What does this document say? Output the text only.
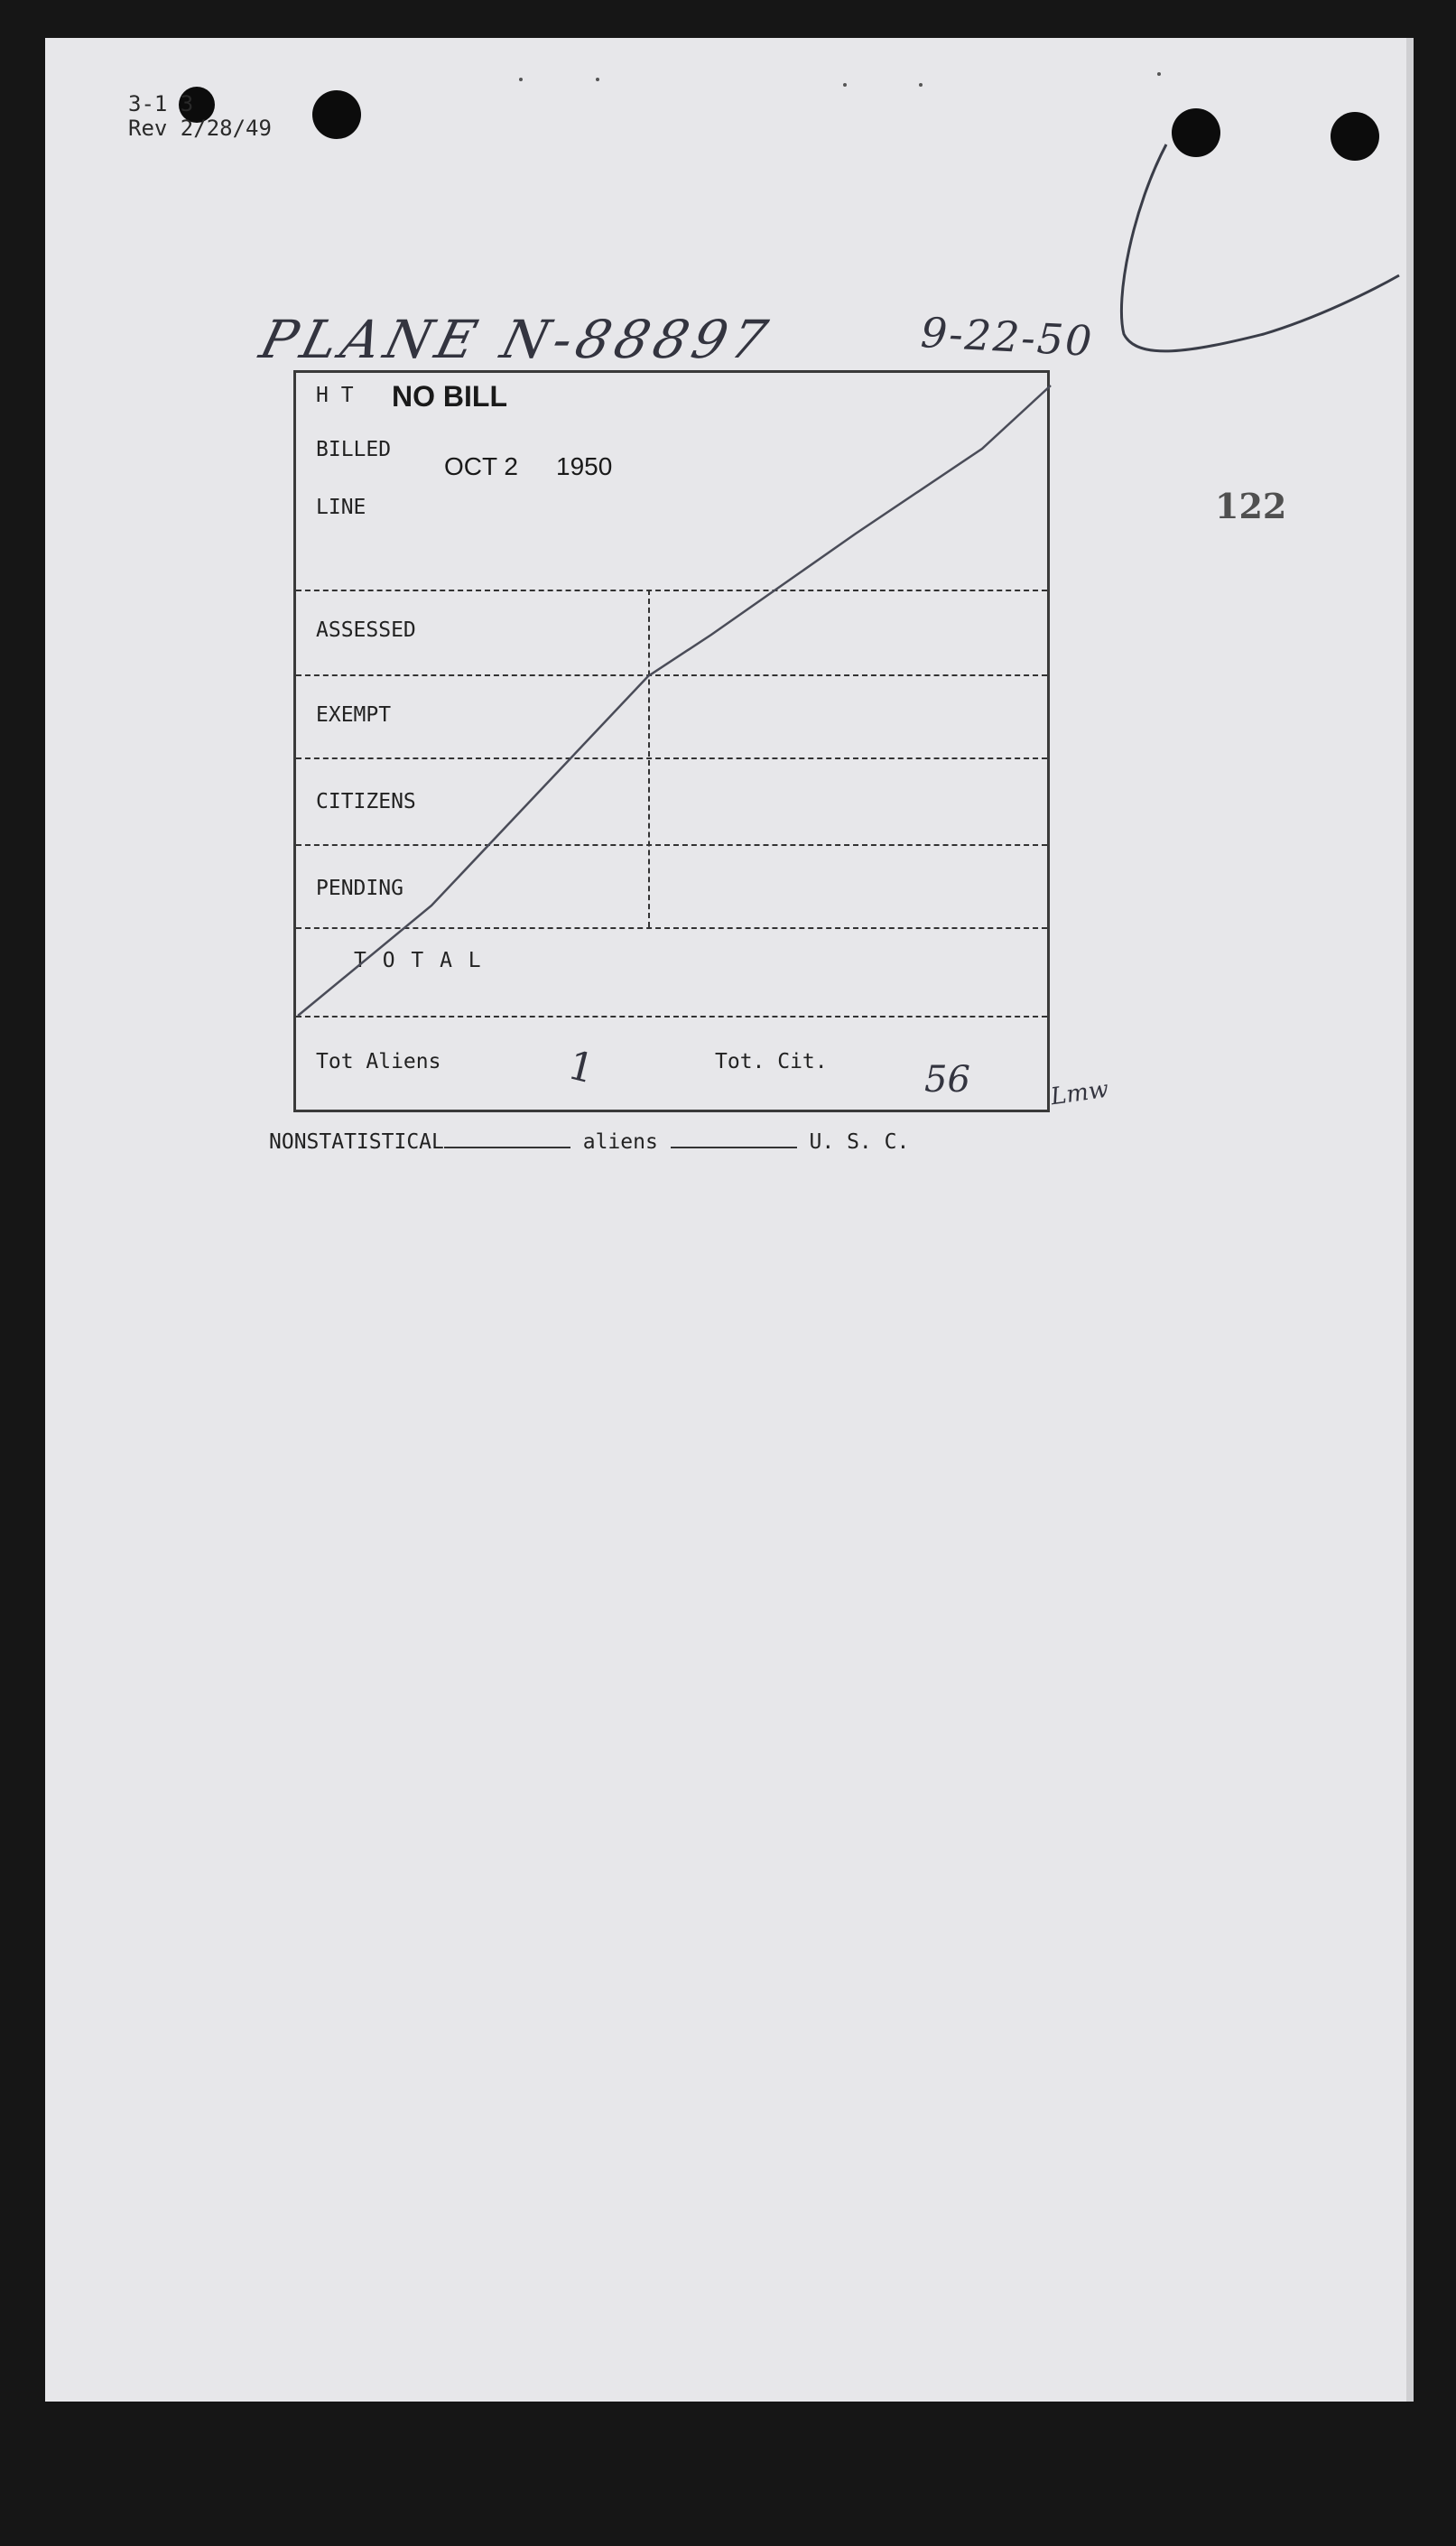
3-1 3
Rev 2/28/49
PLANE N-88897	9-22-50
122
H T NO BILL
BILLED
OCT 2 1950
LINE
ASSESSED
EXEMPT
CITIZENS
PENDING
T O T A L
Tot Aliens	1	Tot. Cit.	56	Lmw
NONSTATISTICAL	aliens	U. S. C.
